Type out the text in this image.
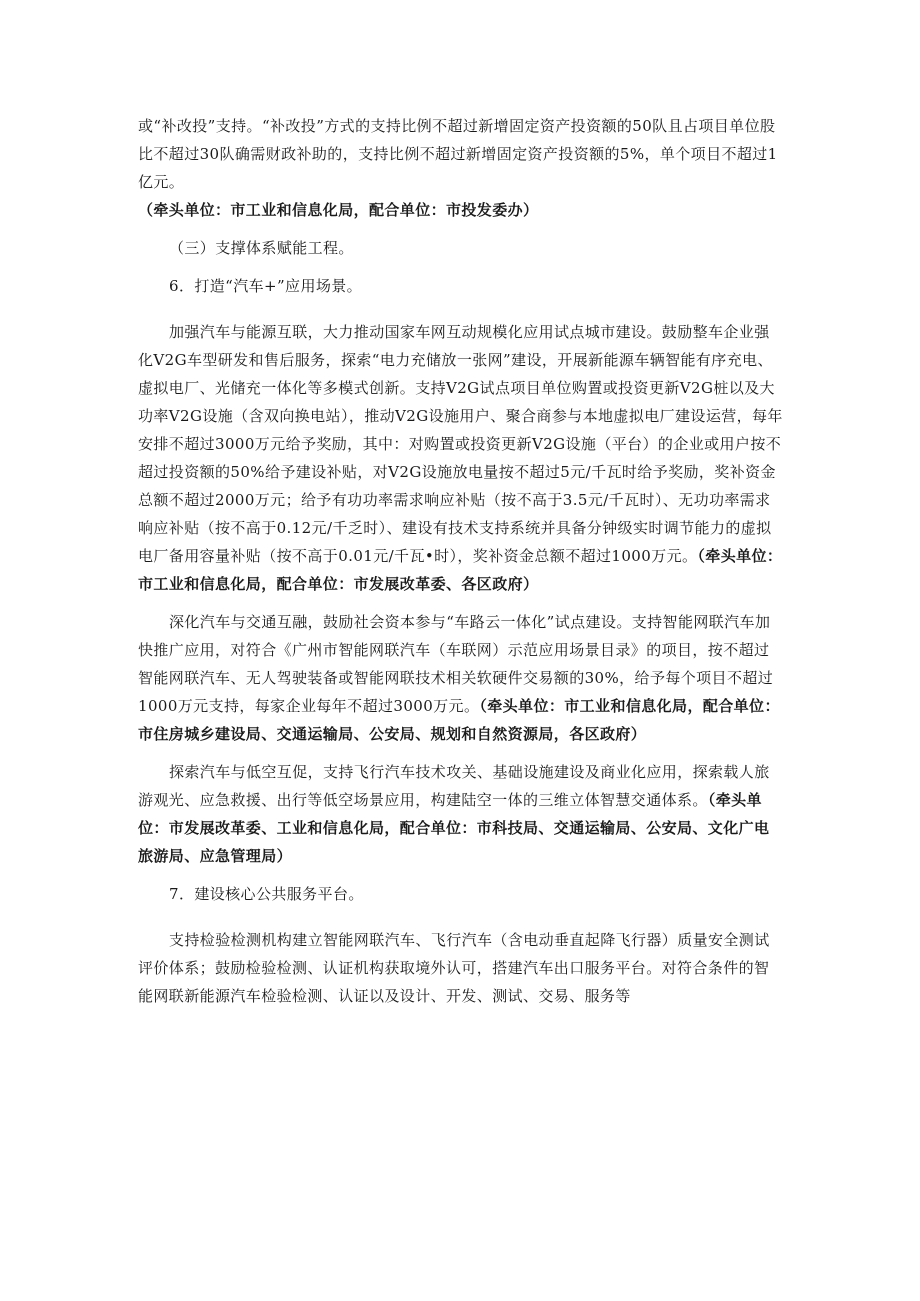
或“补改投”支持。“补改投”方式的支持比例不超过新增固定资产投资额的50队且占项目单位股比不超过30队确需财政补助的，支持比例不超过新增固定资产投资额的5%，单个项目不超过1亿元。

（牵头单位：市工业和信息化局，配合单位：市投发委办）

（三）支撑体系赋能工程。

6．打造“汽车+”应用场景。

加强汽车与能源互联，大力推动国家车网互动规模化应用试点城市建设。鼓励整车企业强化V2G车型研发和售后服务，探索“电力充储放一张网”建设，开展新能源车辆智能有序充电、虚拟电厂、光储充一体化等多模式创新。支持V2G试点项目单位购置或投资更新V2G桩以及大功率V2G设施（含双向换电站），推动V2G设施用户、聚合商参与本地虚拟电厂建设运营，每年安排不超过3000万元给予奖励，其中：对购置或投资更新V2G设施（平台）的企业或用户按不超过投资额的50%给予建设补贴，对V2G设施放电量按不超过5元/千瓦时给予奖励，奖补资金总额不超过2000万元；给予有功功率需求响应补贴（按不高于3.5元/千瓦时）、无功功率需求响应补贴（按不高于0.12元/千乏时）、建设有技术支持系统并具备分钟级实时调节能力的虚拟电厂备用容量补贴（按不高于0.01元/千瓦•时），奖补资金总额不超过1000万元。（牵头单位：市工业和信息化局，配合单位：市发展改革委、各区政府）

深化汽车与交通互融，鼓励社会资本参与“车路云一体化”试点建设。支持智能网联汽车加快推广应用，对符合《广州市智能网联汽车（车联网）示范应用场景目录》的项目，按不超过智能网联汽车、无人驾驶装备或智能网联技术相关软硬件交易额的30%，给予每个项目不超过1000万元支持，每家企业每年不超过3000万元。（牵头单位：市工业和信息化局，配合单位：市住房城乡建设局、交通运输局、公安局、规划和自然资源局，各区政府）

探索汽车与低空互促，支持飞行汽车技术攻关、基础设施建设及商业化应用，探索载人旅游观光、应急救援、出行等低空场景应用，构建陆空一体的三维立体智慧交通体系。（牵头单位：市发展改革委、工业和信息化局，配合单位：市科技局、交通运输局、公安局、文化广电旅游局、应急管理局）

7．建设核心公共服务平台。

支持检验检测机构建立智能网联汽车、飞行汽车（含电动垂直起降飞行器）质量安全测试评价体系；鼓励检验检测、认证机构获取境外认可，搭建汽车出口服务平台。对符合条件的智能网联新能源汽车检验检测、认证以及设计、开发、测试、交易、服务等
